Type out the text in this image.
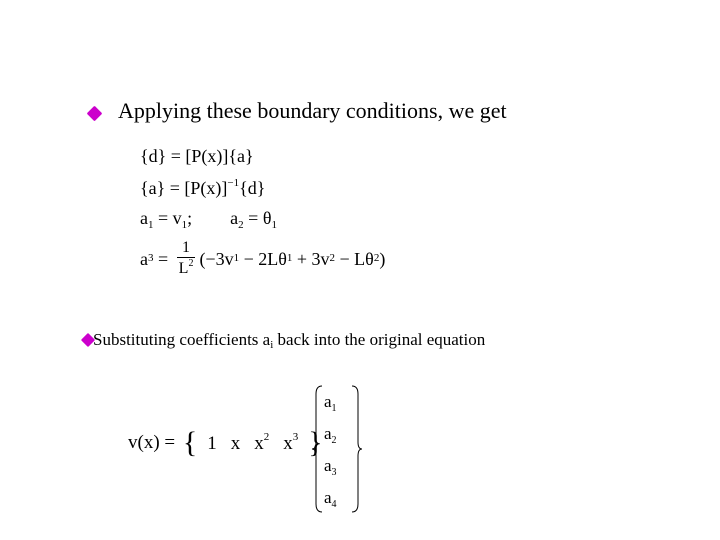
Applying these boundary conditions, we get
{d} = [P(x)]{a}
$\{a\} = [P(x)]^{-1}\{d\}$
$a_1 = v_1$; $a_2 = \theta_1$
a $3 = \frac{1}{L^2} (-3v$ 1 − 2Lθ 1 + 3v 2 − Lθ 2 )
Substituting coefficients $a_i$ back into the original equation
v(x) = { 1 x $x^2$ $x^3$ }
$a_1$
$a_2$
$a_3$
$a_4$
